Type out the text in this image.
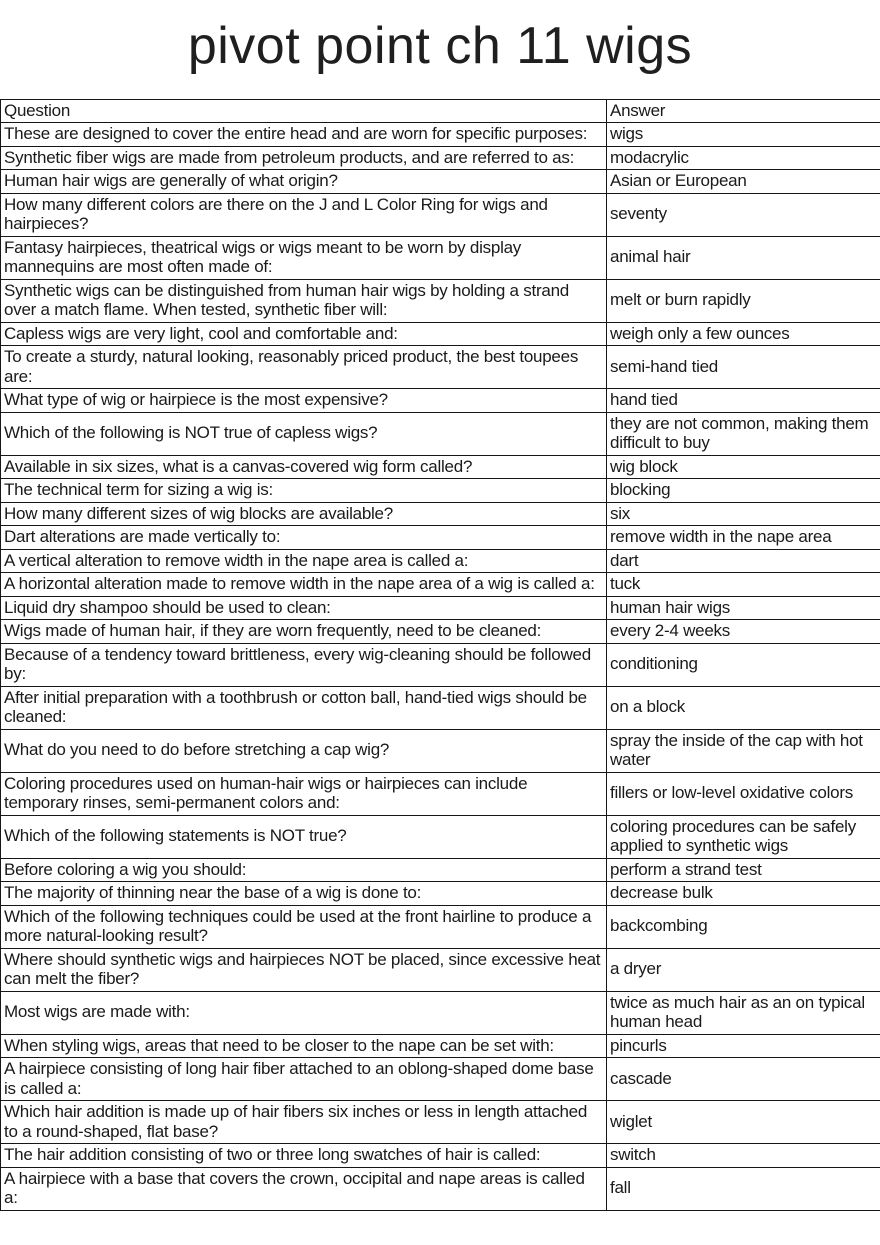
pivot point ch 11 wigs
Question	Answer
These are designed to cover the entire head and are worn for specific purposes:	wigs
Synthetic fiber wigs are made from petroleum products, and are referred to as:	modacrylic
Human hair wigs are generally of what origin?	Asian or European
How many different colors are there on the J and L Color Ring for wigs and hairpieces?	seventy
Fantasy hairpieces, theatrical wigs or wigs meant to be worn by display mannequins are most often made of:	animal hair
Synthetic wigs can be distinguished from human hair wigs by holding a strand over a match flame. When tested, synthetic fiber will:	melt or burn rapidly
Capless wigs are very light, cool and comfortable and:	weigh only a few ounces
To create a sturdy, natural looking, reasonably priced product, the best toupees are:	semi-hand tied
What type of wig or hairpiece is the most expensive?	hand tied
Which of the following is NOT true of capless wigs?	they are not common, making them difficult to buy
Available in six sizes, what is a canvas-covered wig form called?	wig block
The technical term for sizing a wig is:	blocking
How many different sizes of wig blocks are available?	six
Dart alterations are made vertically to:	remove width in the nape area
A vertical alteration to remove width in the nape area is called a:	dart
A horizontal alteration made to remove width in the nape area of a wig is called a:	tuck
Liquid dry shampoo should be used to clean:	human hair wigs
Wigs made of human hair, if they are worn frequently, need to be cleaned:	every 2-4 weeks
Because of a tendency toward brittleness, every wig-cleaning should be followed by:	conditioning
After initial preparation with a toothbrush or cotton ball, hand-tied wigs should be cleaned:	on a block
What do you need to do before stretching a cap wig?	spray the inside of the cap with hot water
Coloring procedures used on human-hair wigs or hairpieces can include temporary rinses, semi-permanent colors and:	fillers or low-level oxidative colors
Which of the following statements is NOT true?	coloring procedures can be safely applied to synthetic wigs
Before coloring a wig you should:	perform a strand test
The majority of thinning near the base of a wig is done to:	decrease bulk
Which of the following techniques could be used at the front hairline to produce a more natural-looking result?	backcombing
Where should synthetic wigs and hairpieces NOT be placed, since excessive heat can melt the fiber?	a dryer
Most wigs are made with:	twice as much hair as an on typical human head
When styling wigs, areas that need to be closer to the nape can be set with:	pincurls
A hairpiece consisting of long hair fiber attached to an oblong-shaped dome base is called a:	cascade
Which hair addition is made up of hair fibers six inches or less in length attached to a round-shaped, flat base?	wiglet
The hair addition consisting of two or three long swatches of hair is called:	switch
A hairpiece with a base that covers the crown, occipital and nape areas is called a:	fall
